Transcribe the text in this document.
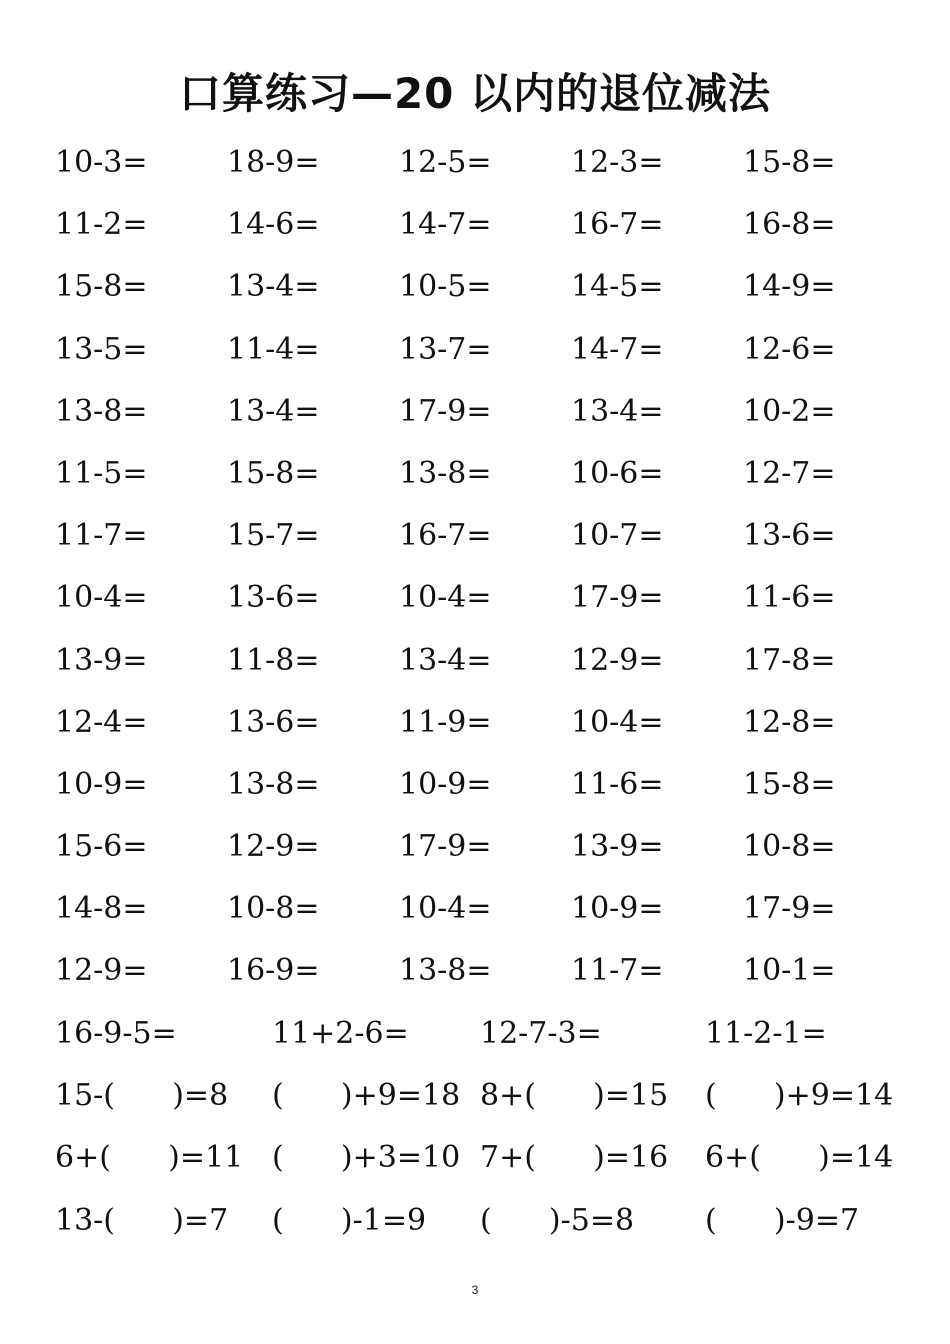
口算练习—20 以内的退位减法
10-3=	18-9=	12-5=	12-3=	15-8=
11-2=	14-6=	14-7=	16-7=	16-8=
15-8=	13-4=	10-5=	14-5=	14-9=
13-5=	11-4=	13-7=	14-7=	12-6=
13-8=	13-4=	17-9=	13-4=	10-2=
11-5=	15-8=	13-8=	10-6=	12-7=
11-7=	15-7=	16-7=	10-7=	13-6=
10-4=	13-6=	10-4=	17-9=	11-6=
13-9=	11-8=	13-4=	12-9=	17-8=
12-4=	13-6=	11-9=	10-4=	12-8=
10-9=	13-8=	10-9=	11-6=	15-8=
15-6=	12-9=	17-9=	13-9=	10-8=
14-8=	10-8=	10-4=	10-9=	17-9=
12-9=	16-9=	13-8=	11-7=	10-1=
16-9-5=	11+2-6= 12-7-3=	11-2-1=
15-(      )=8 (      )+9=18 8+(      )=15 (      )+9=14
6+(      )=11 (      )+3=10 7+(      )=16 6+(      )=14
13-(      )=7 (      )-1=9 (      )-5=8 (      )-9=7
3
